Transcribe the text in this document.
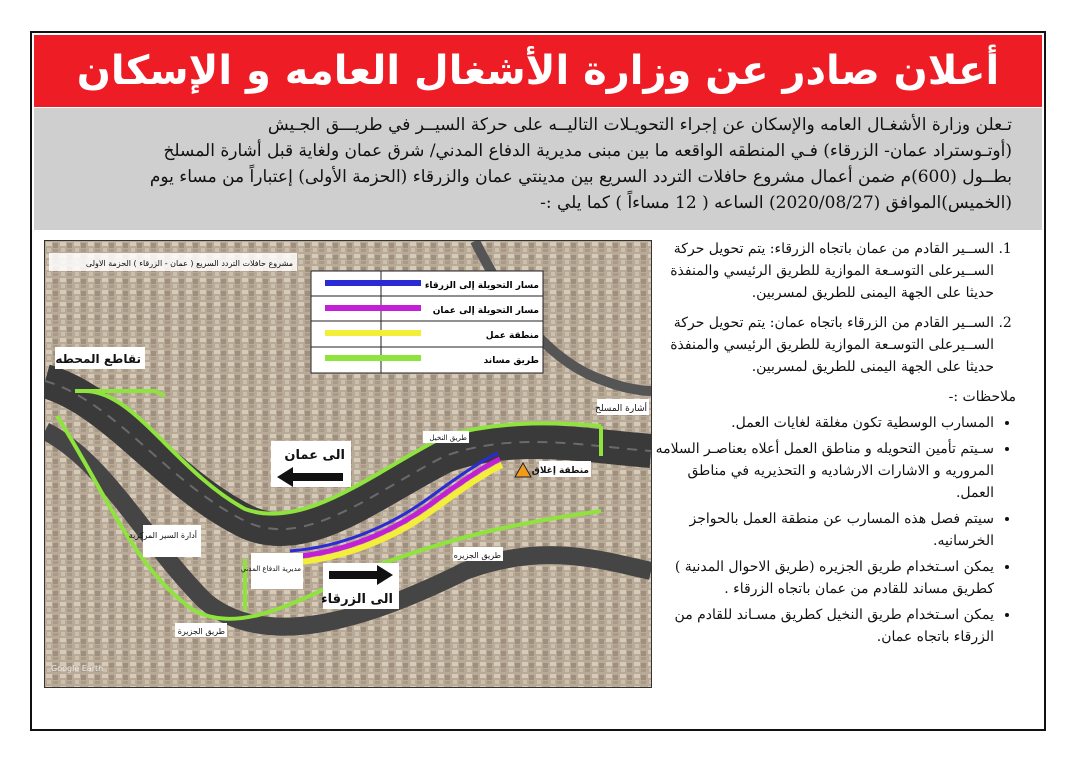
أعلان صادر عن وزارة الأشغال العامه و الإسكان

تـعلن وزارة الأشغـال العامه والإسكان عن إجراء التحويـلات التاليــه على حركة السيــر في طريـــق الجـيش

(أوتـوستراد عمان- الزرقاء) فـي المنطقه الواقعه ما بين مبنى مديرية الدفاع المدني/ شرق عمان ولغاية قبل أشارة المسلخ

بطــول (600)م ضمن أعمال مشروع حافلات التردد السريع بين مدينتي عمان والزرقاء (الحزمة الأولى) إعتباراً من مساء يوم

(الخميس)الموافق (2020/08/27) الساعه ( 12 مساءاً ) كما يلي :-

مسار التحويلة إلى الزرقاء
مسار التحويلة إلى عمان
منطقة عمل
طريق مساند
مشروع حافلات التردد السريع ( عمان - الزرقاء ) الحزمة الاولى
تقاطع المحطه
أشارة المسلخ
طريق النخيل
منطقة إغلاق
الى عمان
الى الزرقاء
أدارة السير المركزية
مديرية الدفاع المدني
طريق الجزيره
طريق الجزيرة
Google Earth
1. الســير القادم من عمان باتجاه الزرقاء: يتم تحويل حركة الســيرعلى التوسـعة الموازية للطريق الرئيسي والمنفذة حديثا على الجهة اليمنى للطريق لمسربين.
2. الســير القادم من الزرقاء باتجاه عمان: يتم تحويل حركة الســيرعلى التوسـعة الموازية للطريق الرئيسي والمنفذة حديثا على الجهة اليمنى للطريق لمسربين.
ملاحظات :-
• المسارب الوسطية تكون مغلقة لغايات العمل.
• سـيتم تأمين التحويله و مناطق العمل أعلاه بعناصـر السلامه المروريه و الاشارات الارشاديه و التحذيريه في مناطق العمل.
• سيتم فصل هذه المسارب عن منطقة العمل بالحواجز الخرسانيه.
• يمكن اسـتخدام طريق الجزيره (طريق الاحوال المدنية ) كطريق مساند للقادم من عمان باتجاه الزرقاء .
• يمكن اسـتخدام طريق النخيل كطريق مسـاند للقادم من الزرقاء باتجاه عمان.
